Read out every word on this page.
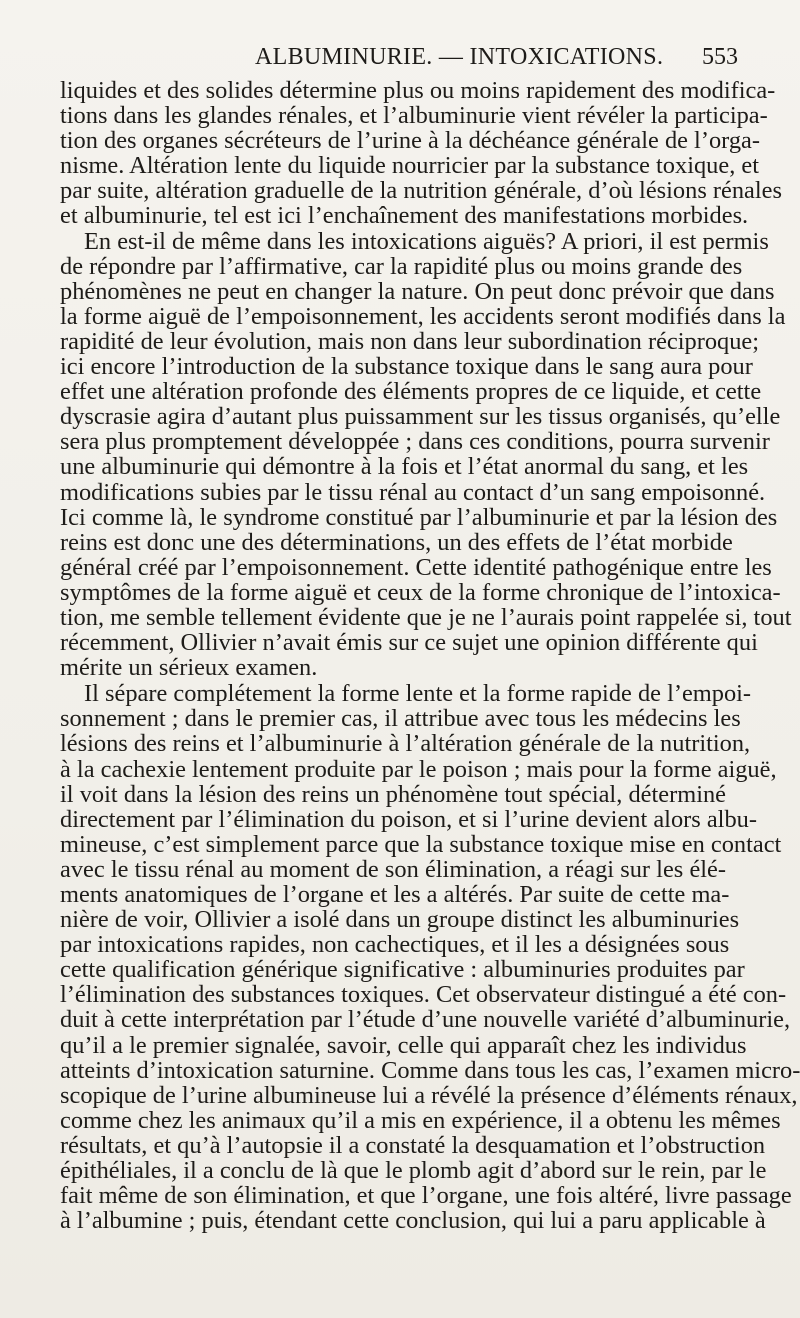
ALBUMINURIE. — INTOXICATIONS. 553
liquides et des solides détermine plus ou moins rapidement des modifica-
tions dans les glandes rénales, et l’albuminurie vient révéler la participa-
tion des organes sécréteurs de l’urine à la déchéance générale de l’orga-
nisme. Altération lente du liquide nourricier par la substance toxique, et
par suite, altération graduelle de la nutrition générale, d’où lésions rénales
et albuminurie, tel est ici l’enchaînement des manifestations morbides.
En est-il de même dans les intoxications aiguës? A priori, il est permis
de répondre par l’affirmative, car la rapidité plus ou moins grande des
phénomènes ne peut en changer la nature. On peut donc prévoir que dans
la forme aiguë de l’empoisonnement, les accidents seront modifiés dans la
rapidité de leur évolution, mais non dans leur subordination réciproque;
ici encore l’introduction de la substance toxique dans le sang aura pour
effet une altération profonde des éléments propres de ce liquide, et cette
dyscrasie agira d’autant plus puissamment sur les tissus organisés, qu’elle
sera plus promptement développée ; dans ces conditions, pourra survenir
une albuminurie qui démontre à la fois et l’état anormal du sang, et les
modifications subies par le tissu rénal au contact d’un sang empoisonné.
Ici comme là, le syndrome constitué par l’albuminurie et par la lésion des
reins est donc une des déterminations, un des effets de l’état morbide
général créé par l’empoisonnement. Cette identité pathogénique entre les
symptômes de la forme aiguë et ceux de la forme chronique de l’intoxica-
tion, me semble tellement évidente que je ne l’aurais point rappelée si, tout
récemment, Ollivier n’avait émis sur ce sujet une opinion différente qui
mérite un sérieux examen.
Il sépare complétement la forme lente et la forme rapide de l’empoi-
sonnement ; dans le premier cas, il attribue avec tous les médecins les
lésions des reins et l’albuminurie à l’altération générale de la nutrition,
à la cachexie lentement produite par le poison ; mais pour la forme aiguë,
il voit dans la lésion des reins un phénomène tout spécial, déterminé
directement par l’élimination du poison, et si l’urine devient alors albu-
mineuse, c’est simplement parce que la substance toxique mise en contact
avec le tissu rénal au moment de son élimination, a réagi sur les élé-
ments anatomiques de l’organe et les a altérés. Par suite de cette ma-
nière de voir, Ollivier a isolé dans un groupe distinct les albuminuries
par intoxications rapides, non cachectiques, et il les a désignées sous
cette qualification générique significative : albuminuries produites par
l’élimination des substances toxiques. Cet observateur distingué a été con-
duit à cette interprétation par l’étude d’une nouvelle variété d’albuminurie,
qu’il a le premier signalée, savoir, celle qui apparaît chez les individus
atteints d’intoxication saturnine. Comme dans tous les cas, l’examen micro-
scopique de l’urine albumineuse lui a révélé la présence d’éléments rénaux,
comme chez les animaux qu’il a mis en expérience, il a obtenu les mêmes
résultats, et qu’à l’autopsie il a constaté la desquamation et l’obstruction
épithéliales, il a conclu de là que le plomb agit d’abord sur le rein, par le
fait même de son élimination, et que l’organe, une fois altéré, livre passage
à l’albumine ; puis, étendant cette conclusion, qui lui a paru applicable à
